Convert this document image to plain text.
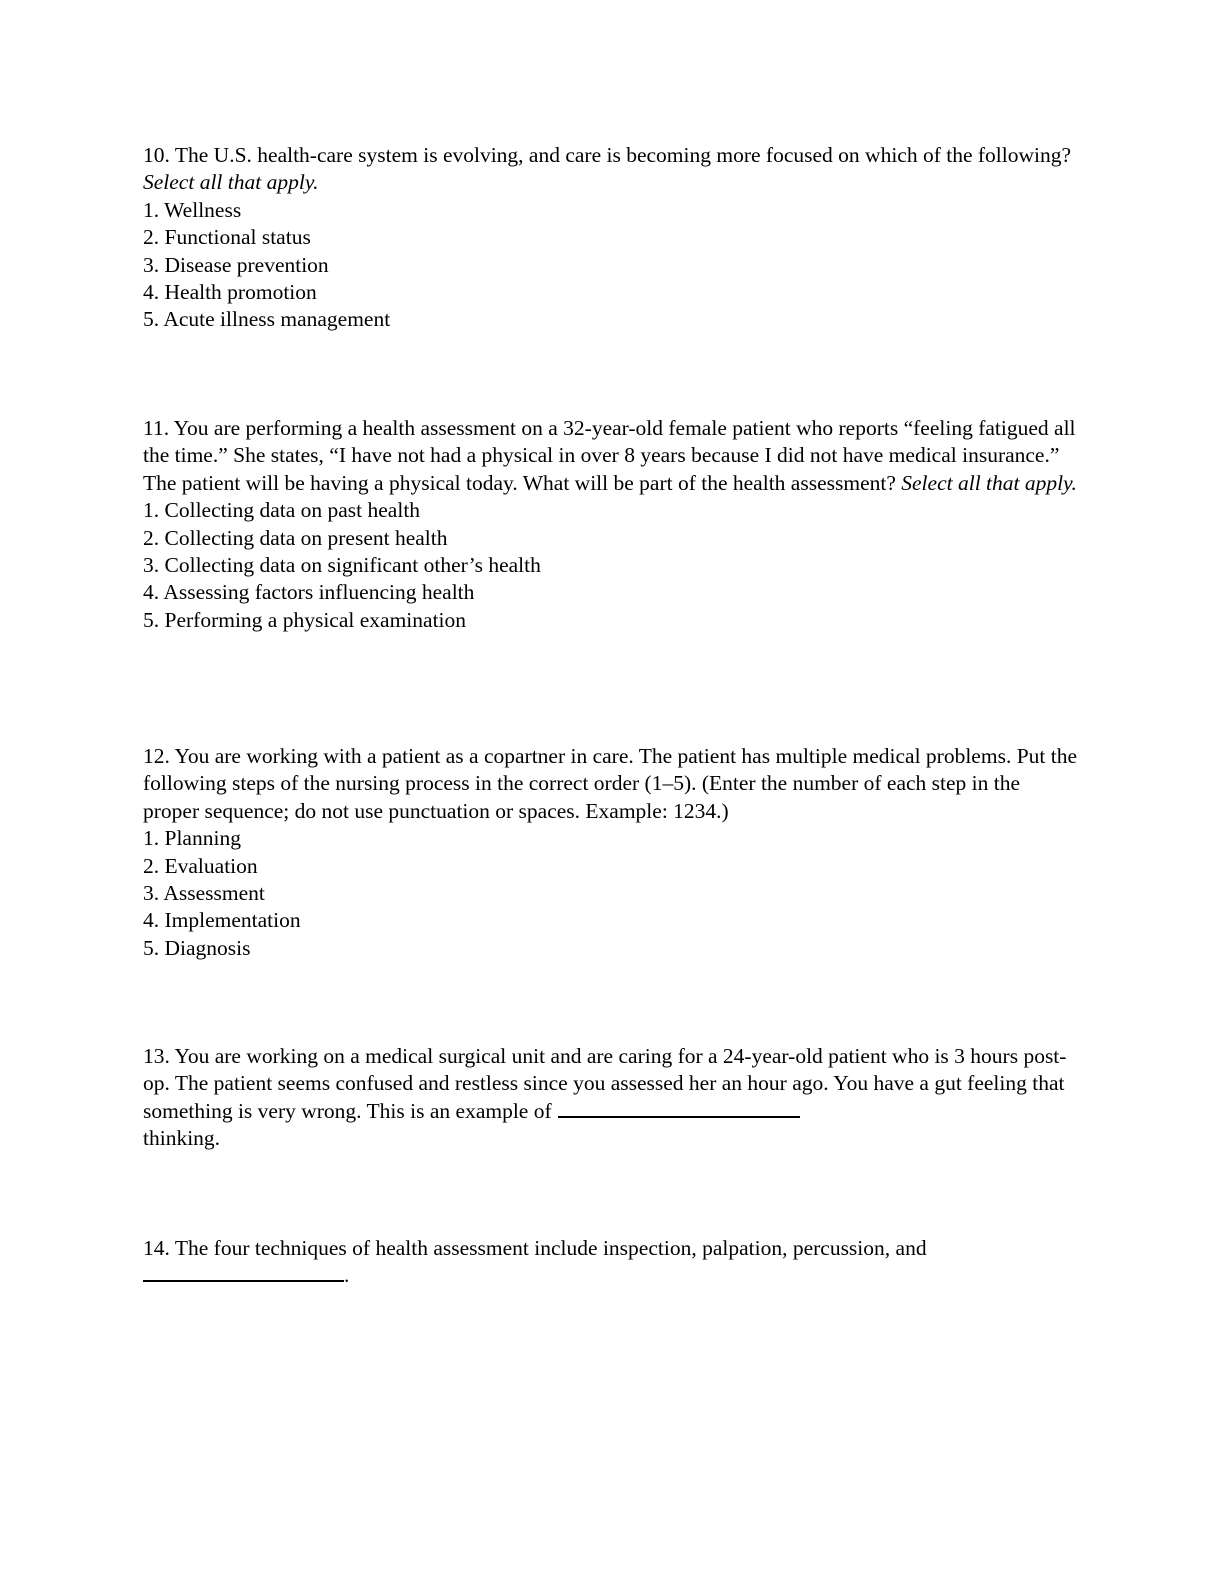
10. The U.S. health-care system is evolving, and care is becoming more focused on which of the following? Select all that apply.
1. Wellness
2. Functional status
3. Disease prevention
4. Health promotion
5. Acute illness management
11. You are performing a health assessment on a 32-year-old female patient who reports “feeling fatigued all the time.” She states, “I have not had a physical in over 8 years because I did not have medical insurance.” The patient will be having a physical today. What will be part of the health assessment? Select all that apply.
1. Collecting data on past health
2. Collecting data on present health
3. Collecting data on significant other’s health
4. Assessing factors influencing health
5. Performing a physical examination
12. You are working with a patient as a copartner in care. The patient has multiple medical problems. Put the following steps of the nursing process in the correct order (1–5). (Enter the number of each step in the proper sequence; do not use punctuation or spaces. Example: 1234.)
1. Planning
2. Evaluation
3. Assessment
4. Implementation
5. Diagnosis
13. You are working on a medical surgical unit and are caring for a 24-year-old patient who is 3 hours post-op. The patient seems confused and restless since you assessed her an hour ago. You have a gut feeling that something is very wrong. This is an example of
thinking.
14. The four techniques of health assessment include inspection, palpation, percussion, and
.
